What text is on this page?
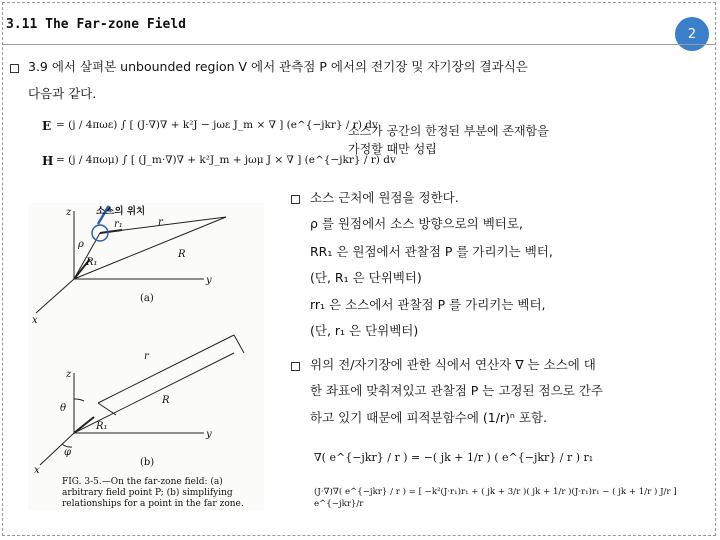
3.11 The Far-zone Field
2
3.9 에서 살펴본 unbounded region V 에서 관측점 P 에서의 전기장 및 자기장의 결과식은
다음과 같다.
E = (j / 4πωε) ∫ [ (J·∇)∇ + k²J − jωε J_m × ∇ ] (e^{−jkr} / r) dv
H = (j / 4πωμ) ∫ [ (J_m·∇)∇ + k²J_m + jωμ J × ∇ ] (e^{−jkr} / r) dv
소스가 공간의 한정된 부분에 존재함을
가정할 때만 성립
z
r
r₁
ρ
R₁
R
y
x
(a)
z
r
θ
R₁
R
y
x
φ
(b)
소스의 위치
FIG. 3-5.—On the far-zone field: (a) arbitrary field point P; (b) simplifying relationships for a point in the far zone.
소스 근처에 원점을 정한다.
ρ 를 원점에서 소스 방향으로의 벡터로,
RR₁ 은 원점에서 관찰점 P 를 가리키는 벡터,
(단, R₁ 은 단위벡터)
rr₁ 은 소스에서 관찰점 P 를 가리키는 벡터,
(단, r₁ 은 단위벡터)
위의 전/자기장에 관한 식에서 연산자 ∇ 는 소스에 대
한 좌표에 맞춰져있고 관찰점 P 는 고정된 점으로 간주
하고 있기 때문에 피적분함수에 (1/r)ⁿ 포함.
∇( e^{−jkr} / r ) = −( jk + 1/r ) ( e^{−jkr} / r ) r₁
(J·∇)∇( e^{−jkr} / r ) = [ −k²(J·r₁)r₁ + ( jk + 3/r )( jk + 1/r )(J·r₁)r₁ − ( jk + 1/r ) J/r ] e^{−jkr}/r
